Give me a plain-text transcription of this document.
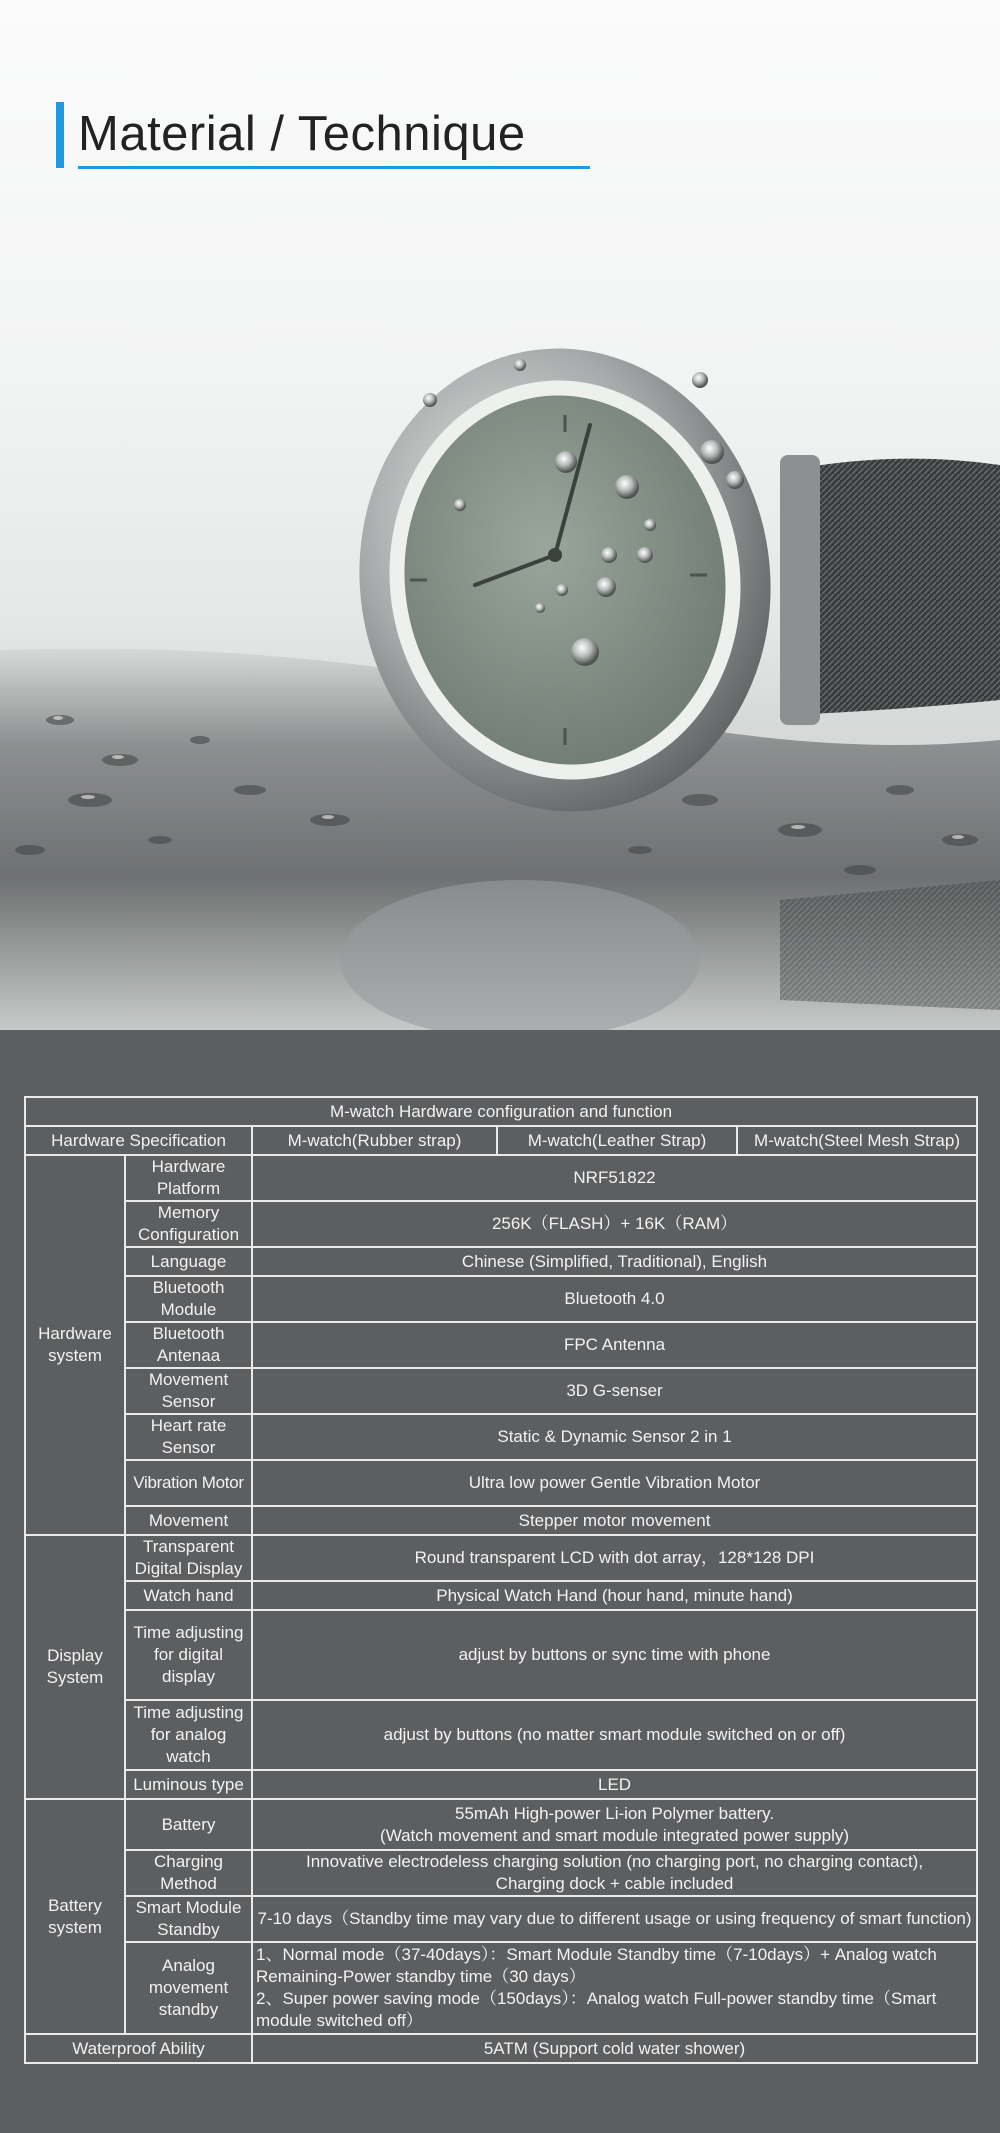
Material / Technique
M-watch Hardware configuration and function				
Hardware Specification		M-watch(Rubber strap)	M-watch(Leather Strap)	M-watch(Steel Mesh Strap)
Hardware system	Hardware Platform	NRF51822		
	Memory Configuration	256K（FLASH）+ 16K（RAM）		
	Language	Chinese (Simplified, Traditional), English		
	Bluetooth Module	Bluetooth 4.0		
	Bluetooth Antenaa	FPC Antenna		
	Movement Sensor	3D G-senser		
	Heart rate Sensor	Static & Dynamic Sensor 2 in 1		
	Vibration Motor	Ultra low power Gentle Vibration Motor		
	Movement	Stepper motor movement		
Display System	Transparent Digital Display	Round transparent LCD with dot array，128*128 DPI		
	Watch hand	Physical Watch Hand (hour hand, minute hand)		
	Time adjusting for digital display	adjust by buttons or sync time with phone		
	Time adjusting for analog watch	adjust by buttons (no matter smart module switched on or off)		
	Luminous type	LED		
Battery system	Battery	55mAh High-power Li-ion Polymer battery.
(Watch movement and smart module integrated power supply)		

	Charging Method	Innovative electrodeless charging solution (no charging port, no charging contact),
Charging dock + cable included		

	Smart Module Standby	7-10 days（Standby time may vary due to different usage or using frequency of smart function)		
	Analog movement standby	1、Normal mode（37-40days）：Smart Module Standby time（7-10days）+ Analog watch Remaining-Power standby time（30 days）
2、Super power saving mode（150days）：Analog watch Full-power standby time（Smart module switched off）		

Waterproof Ability		5ATM (Support cold water shower)		
